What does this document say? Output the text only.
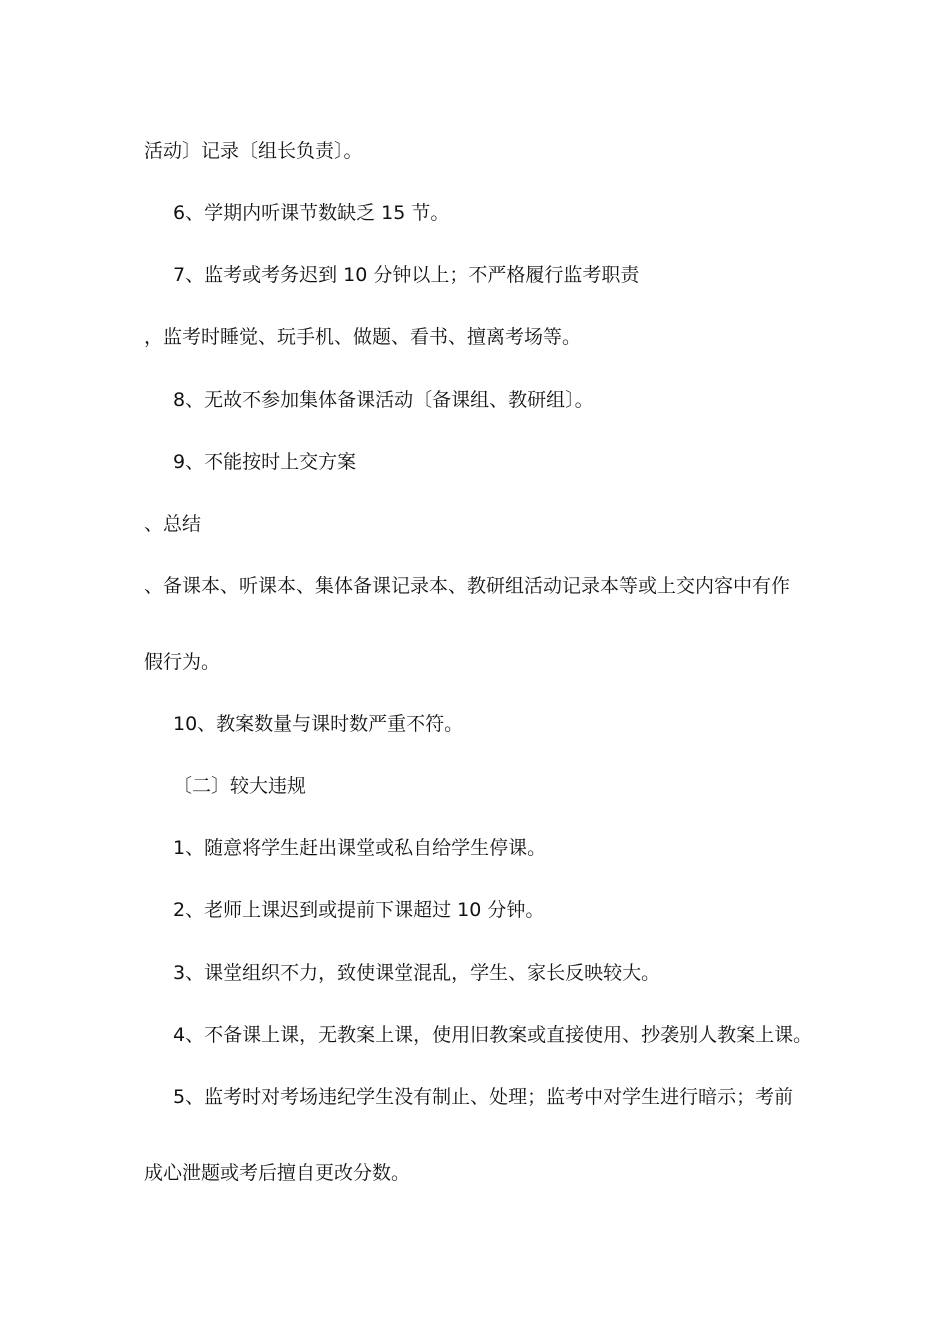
活动〕记录〔组长负责〕。
6、学期内听课节数缺乏 15 节。
7、监考或考务迟到 10 分钟以上；不严格履行监考职责
，监考时睡觉、玩手机、做题、看书、擅离考场等。
8、无故不参加集体备课活动〔备课组、教研组〕。
9、不能按时上交方案
、总结
、备课本、听课本、集体备课记录本、教研组活动记录本等或上交内容中有作
假行为。
10、教案数量与课时数严重不符。
〔二〕较大违规
1、随意将学生赶出课堂或私自给学生停课。
2、老师上课迟到或提前下课超过 10 分钟。
3、课堂组织不力，致使课堂混乱，学生、家长反映较大。
4、不备课上课，无教案上课，使用旧教案或直接使用、抄袭别人教案上课。
5、监考时对考场违纪学生没有制止、处理；监考中对学生进行暗示；考前
成心泄题或考后擅自更改分数。
